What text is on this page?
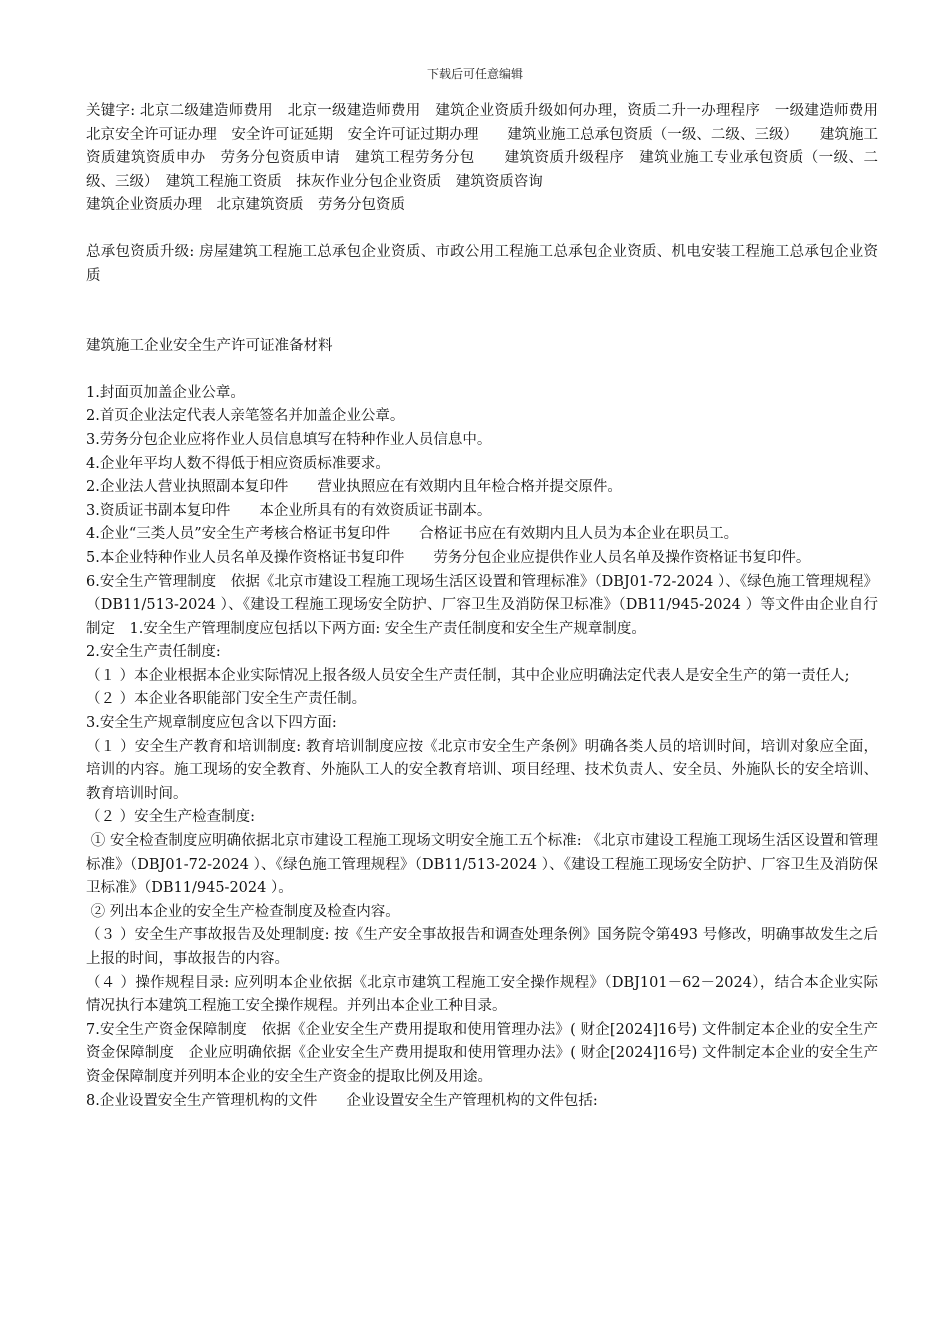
下载后可任意编辑

关键字: 北京二级建造师费用　北京一级建造师费用　建筑企业资质升级如何办理，资质二升一办理程序　一级建造师费用　北京安全许可证办理　安全许可证延期　安全许可证过期办理　　建筑业施工总承包资质（一级、二级、三级）　　建筑施工资质建筑资质申办　劳务分包资质申请　建筑工程劳务分包　　建筑资质升级程序　建筑业施工专业承包资质（一级、二级、三级）　建筑工程施工资质　抹灰作业分包企业资质　建筑资质咨询

建筑企业资质办理　北京建筑资质　劳务分包资质

总承包资质升级: 房屋建筑工程施工总承包企业资质、市政公用工程施工总承包企业资质、机电安装工程施工总承包企业资质

建筑施工企业安全生产许可证准备材料

1.封面页加盖企业公章。

2.首页企业法定代表人亲笔签名并加盖企业公章。

3.劳务分包企业应将作业人员信息填写在特种作业人员信息中。

4.企业年平均人数不得低于相应资质标准要求。

2.企业法人营业执照副本复印件　　营业执照应在有效期内且年检合格并提交原件。

3.资质证书副本复印件　　本企业所具有的有效资质证书副本。

4.企业“三类人员”安全生产考核合格证书复印件　　合格证书应在有效期内且人员为本企业在职员工。

5.本企业特种作业人员名单及操作资格证书复印件　　劳务分包企业应提供作业人员名单及操作资格证书复印件。

6.安全生产管理制度　依据《北京市建设工程施工现场生活区设置和管理标准》（DBJ01-72-2024 ）、《绿色施工管理规程》（DB11/513-2024 ）、《建设工程施工现场安全防护、厂容卫生及消防保卫标准》（DB11/945-2024 ）等文件由企业自行制定　1.安全生产管理制度应包括以下两方面: 安全生产责任制度和安全生产规章制度。

2.安全生产责任制度:

（１ ）本企业根据本企业实际情况上报各级人员安全生产责任制，其中企业应明确法定代表人是安全生产的第一责任人;

（２ ）本企业各职能部门安全生产责任制。

3.安全生产规章制度应包含以下四方面:

（１ ）安全生产教育和培训制度: 教育培训制度应按《北京市安全生产条例》明确各类人员的培训时间，培训对象应全面，培训的内容。施工现场的安全教育、外施队工人的安全教育培训、项目经理、技术负责人、安全员、外施队长的安全培训、教育培训时间。

（２ ）安全生产检查制度:

① 安全检查制度应明确依据北京市建设工程施工现场文明安全施工五个标准: 《北京市建设工程施工现场生活区设置和管理标准》（DBJ01-72-2024 ）、《绿色施工管理规程》（DB11/513-2024 ）、《建设工程施工现场安全防护、厂容卫生及消防保卫标准》（DB11/945-2024 ）。

② 列出本企业的安全生产检查制度及检查内容。

（３ ）安全生产事故报告及处理制度: 按《生产安全事故报告和调查处理条例》国务院令第493 号修改，明确事故发生之后上报的时间，事故报告的内容。

（４ ）操作规程目录: 应列明本企业依据《北京市建筑工程施工安全操作规程》（DBJ101－62－2024），结合本企业实际情况执行本建筑工程施工安全操作规程。并列出本企业工种目录。

7.安全生产资金保障制度　依据《企业安全生产费用提取和使用管理办法》( 财企[2024]16号) 文件制定本企业的安全生产资金保障制度　企业应明确依据《企业安全生产费用提取和使用管理办法》( 财企[2024]16号) 文件制定本企业的安全生产资金保障制度并列明本企业的安全生产资金的提取比例及用途。

8.企业设置安全生产管理机构的文件　　企业设置安全生产管理机构的文件包括:
